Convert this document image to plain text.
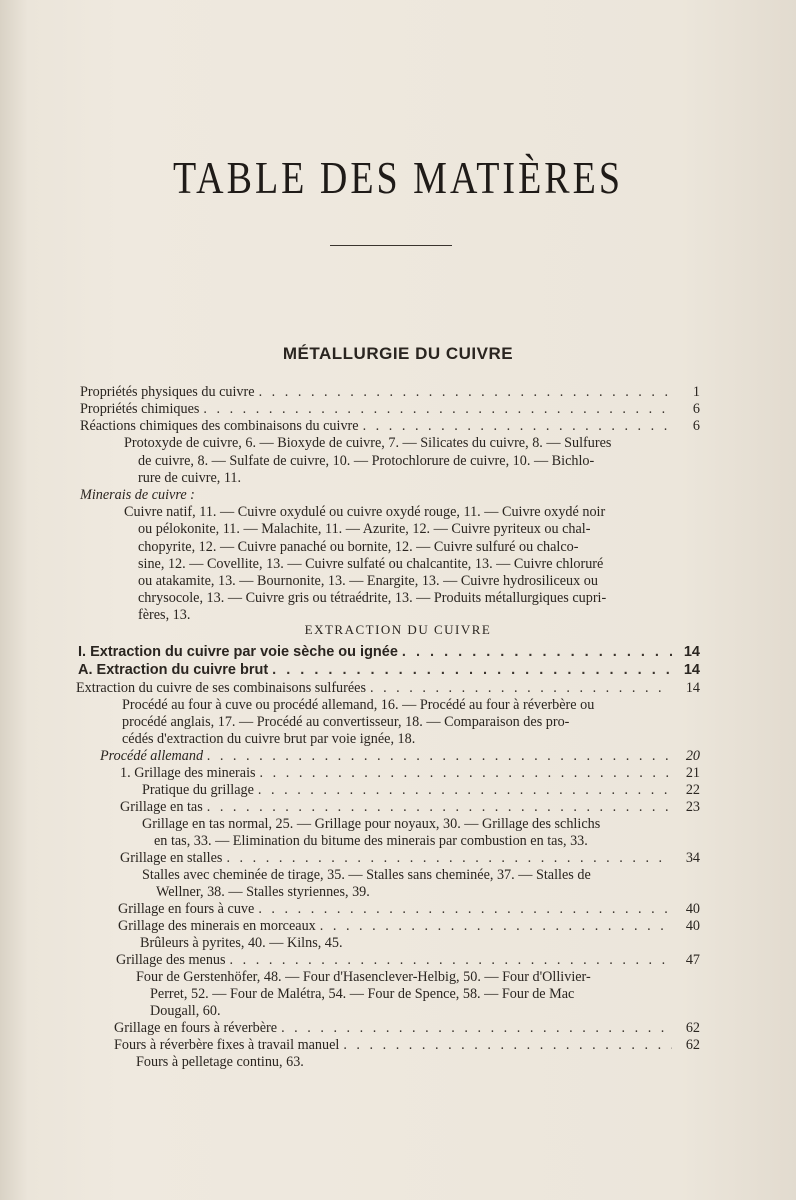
TABLE DES MATIÈRES
MÉTALLURGIE DU CUIVRE
Propriétés physiques du cuivre . . .	1
Propriétés chimiques . . .	6
Réactions chimiques des combinaisons du cuivre . . .	6
Protoxyde de cuivre, 6. — Bioxyde de cuivre, 7. — Silicates du cuivre, 8. — Sulfures
de cuivre, 8. — Sulfate de cuivre, 10. — Protochlorure de cuivre, 10. — Bichlo-
rure de cuivre, 11.
Minerais de cuivre :
Cuivre natif, 11. — Cuivre oxydulé ou cuivre oxydé rouge, 11. — Cuivre oxydé noir
ou pélokonite, 11. — Malachite, 11. — Azurite, 12. — Cuivre pyriteux ou chal-
chopyrite, 12. — Cuivre panaché ou bornite, 12. — Cuivre sulfuré ou chalco-
sine, 12. — Covellite, 13. — Cuivre sulfaté ou chalcantite, 13. — Cuivre chloruré
ou atakamite, 13. — Bournonite, 13. — Enargite, 13. — Cuivre hydrosiliceux ou
chrysocole, 13. — Cuivre gris ou tétraédrite, 13. — Produits métallurgiques cupri-
fères, 13.
EXTRACTION DU CUIVRE
I. Extraction du cuivre par voie sèche ou ignée . . .	14
A. Extraction du cuivre brut . . .	14
Extraction du cuivre de ses combinaisons sulfurées . . .	14
Procédé au four à cuve ou procédé allemand, 16. — Procédé au four à réverbère ou
procédé anglais, 17. — Procédé au convertisseur, 18. — Comparaison des pro-
cédés d'extraction du cuivre brut par voie ignée, 18.
Procédé allemand . . .	20
1. Grillage des minerais . . .	21
Pratique du grillage . . .	22
Grillage en tas . . .	23
Grillage en tas normal, 25. — Grillage pour noyaux, 30. — Grillage des schlichs
en tas, 33. — Elimination du bitume des minerais par combustion en tas, 33.
Grillage en stalles . . .	34
Stalles avec cheminée de tirage, 35. — Stalles sans cheminée, 37. — Stalles de
Wellner, 38. — Stalles styriennes, 39.
Grillage en fours à cuve . . .	40
Grillage des minerais en morceaux . . .	40
Brûleurs à pyrites, 40. — Kilns, 45.
Grillage des menus . . .	47
Four de Gerstenhöfer, 48. — Four d'Hasenclever-Helbig, 50. — Four d'Ollivier-
Perret, 52. — Four de Malétra, 54. — Four de Spence, 58. — Four de Mac
Dougall, 60.
Grillage en fours à réverbère . . .	62
Fours à réverbère fixes à travail manuel . . .	62
Fours à pelletage continu, 63.
